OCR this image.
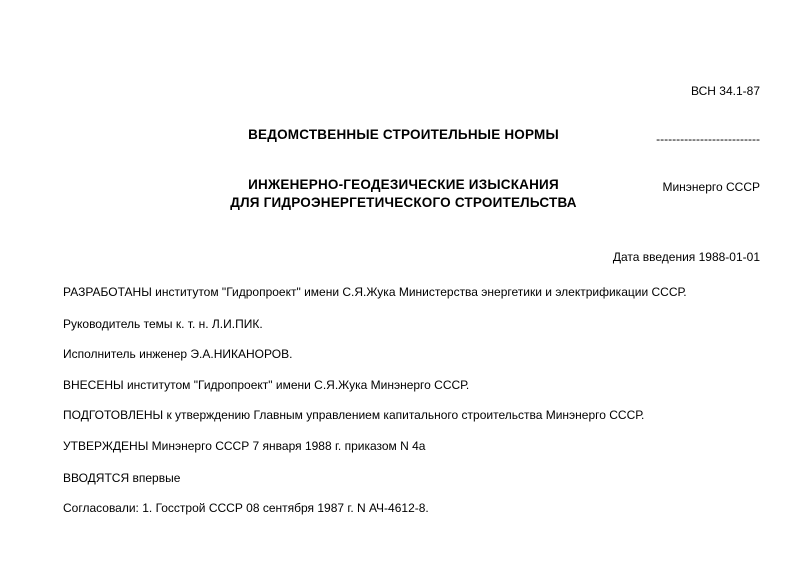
ВСН 34.1-87

--------------------------

Минэнерго СССР

ВЕДОМСТВЕННЫЕ СТРОИТЕЛЬНЫЕ НОРМЫ
ИНЖЕНЕРНО-ГЕОДЕЗИЧЕСКИЕ ИЗЫСКАНИЯ
ДЛЯ ГИДРОЭНЕРГЕТИЧЕСКОГО СТРОИТЕЛЬСТВА
Дата введения 1988-01-01
РАЗРАБОТАНЫ институтом "Гидропроект" имени С.Я.Жука Министерства энергетики и электрификации СССР.
Руководитель темы к. т. н. Л.И.ПИК.
Исполнитель инженер Э.А.НИКАНОРОВ.
ВНЕСЕНЫ институтом "Гидропроект" имени С.Я.Жука Минэнерго СССР.
ПОДГОТОВЛЕНЫ к утверждению Главным управлением капитального строительства Минэнерго СССР.
УТВЕРЖДЕНЫ Минэнерго СССР 7 января 1988 г. приказом N 4а
ВВОДЯТСЯ впервые
Согласовали: 1. Госстрой СССР 08 сентября 1987 г. N АЧ-4612-8.
